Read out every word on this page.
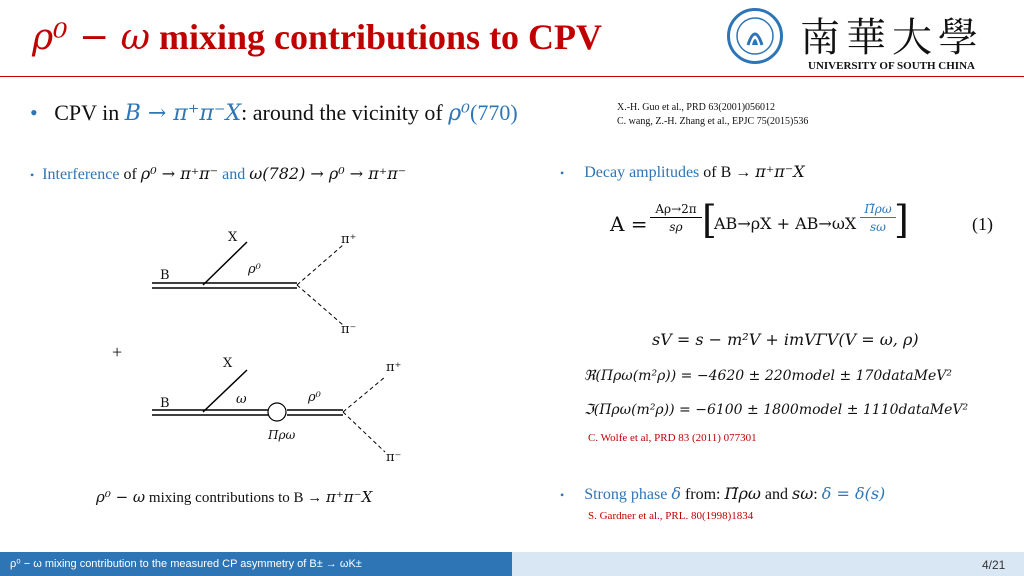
ρ⁰ − ω mixing contributions to CPV	南華大學
UNIVERSITY OF SOUTH CHINA
• CPV in B → π⁺π⁻X: around the vicinity of ρ⁰(770)	X.-H. Guo et al., PRD 63(2001)056012
C. wang, Z.-H. Zhang et al., EPJC 75(2015)536
• Interference of ρ⁰ → π⁺π⁻ and ω(782) → ρ⁰ → π⁺π⁻
X
B	ρ⁰
π⁺
π⁻
+
X
B	ω	ρ⁰
Πρω
π⁺
π⁻
ρ⁰ − ω mixing contributions to B → π⁺π⁻X
• Decay amplitudes of B → π⁺π⁻X
$A = \frac{A\rho\to 2\pi}{s\rho}$ [
$AB\to\rho X + AB\to\omega X \frac{\Pĩ\rho\omega}{s\omega}$
]	(1)
sV = s − m²V + imVΓV(V = ω, ρ)
ℜ(Πρω(m²ρ)) = −4620 ± 220model ± 170dataMeV²
ℑ(Πρω(m²ρ)) = −6100 ± 1800model ± 1110dataMeV²
C. Wolfe et al, PRD 83 (2011) 077301
• Strong phase δ from: Π̃ρω and sω: δ = δ(s)
S. Gardner et al., PRL. 80(1998)1834
ρ⁰ − ω mixing contribution to the measured CP asymmetry of B± → ωK±	4/21
